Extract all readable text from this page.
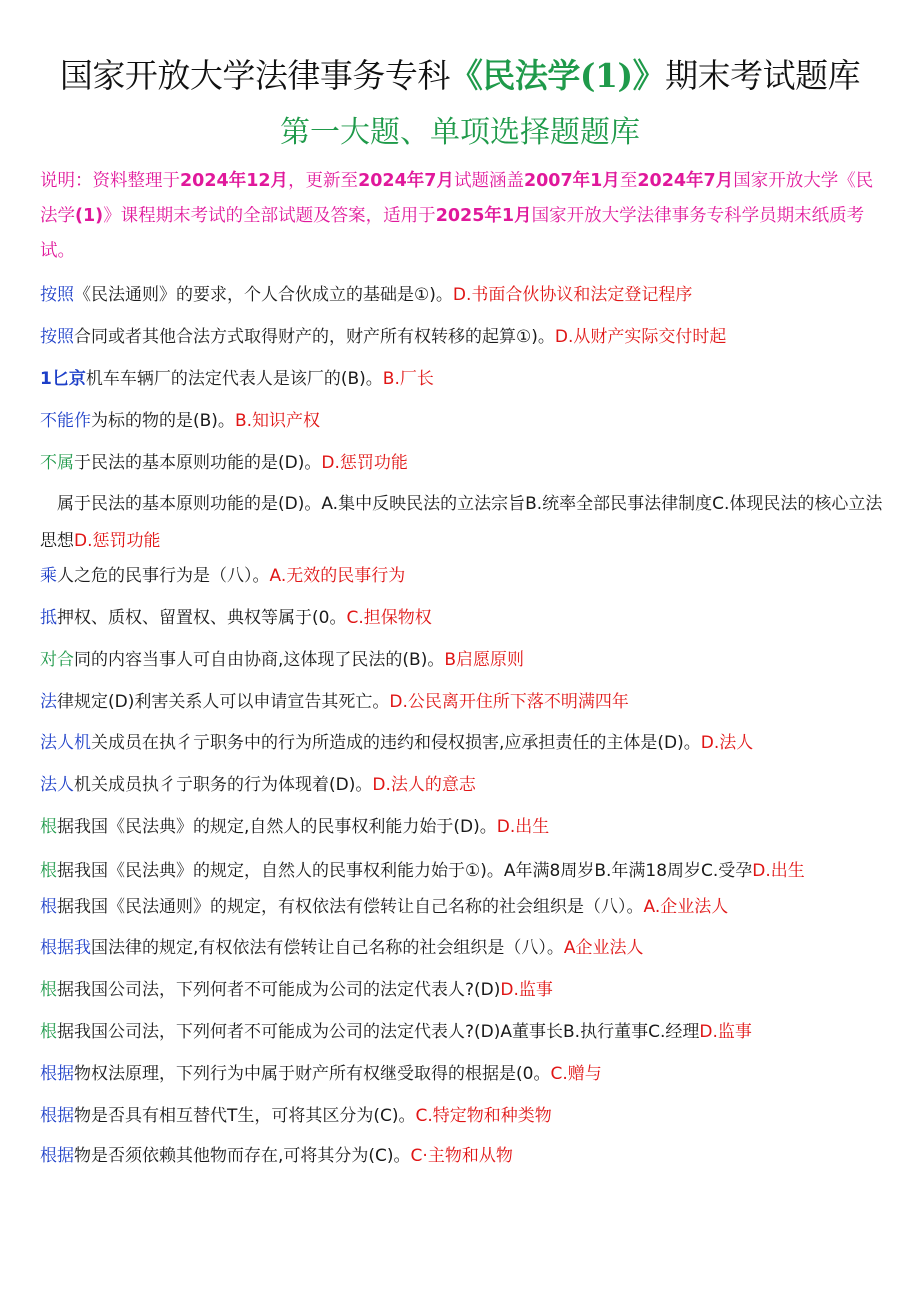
国家开放大学法律事务专科《民法学(1)》期末考试题库
第一大题、单项选择题题库
说明：资料整理于2024年12月，更新至2024年7月试题涵盖2007年1月至2024年7月国家开放大学《民法学(1)》课程期末考试的全部试题及答案，适用于2025年1月国家开放大学法律事务专科学员期末纸质考试。
按照《民法通则》的要求，个人合伙成立的基础是①)。D.书面合伙协议和法定登记程序
按照合同或者其他合法方式取得财产的，财产所有权转移的起算①)。D.从财产实际交付时起
1匕京机车车辆厂的法定代表人是该厂的(B)。B.厂长
不能作为标的物的是(B)。B.知识产权
不属于民法的基本原则功能的是(D)。D.惩罚功能
　属于民法的基本原则功能的是(D)。A.集中反映民法的立法宗旨B.统率全部民事法律制度C.体现民法的核心立法思想D.惩罚功能
乘人之危的民事行为是（八）。A.无效的民事行为
抵押权、质权、留置权、典权等属于(0。C.担保物权
对合同的内容当事人可自由协商,这体现了民法的(B)。B启愿原则
法律规定(D)利害关系人可以申请宣告其死亡。D.公民离开住所下落不明满四年
法人机关成员在执彳亍职务中的行为所造成的违约和侵权损害,应承担责任的主体是(D)。D.法人
法人机关成员执彳亍职务的行为体现着(D)。D.法人的意志
根据我国《民法典》的规定,自然人的民事权利能力始于(D)。D.出生
根据我国《民法典》的规定，自然人的民事权利能力始于①)。A年满8周岁B.年满18周岁C.受孕D.出生
根据我国《民法通则》的规定，有权依法有偿转让自己名称的社会组织是（八）。A.企业法人
根据我国法律的规定,有权依法有偿转让自己名称的社会组织是（八）。A企业法人
根据我国公司法，下列何者不可能成为公司的法定代表人?(D)D.监事
根据我国公司法，下列何者不可能成为公司的法定代表人?(D)A董事长B.执行董事C.经理D.监事
根据物权法原理，下列行为中属于财产所有权继受取得的根据是(0。C.赠与
根据物是否具有相互替代T生，可将其区分为(C)。C.特定物和种类物
根据物是否须依赖其他物而存在,可将其分为(C)。C·主物和从物
